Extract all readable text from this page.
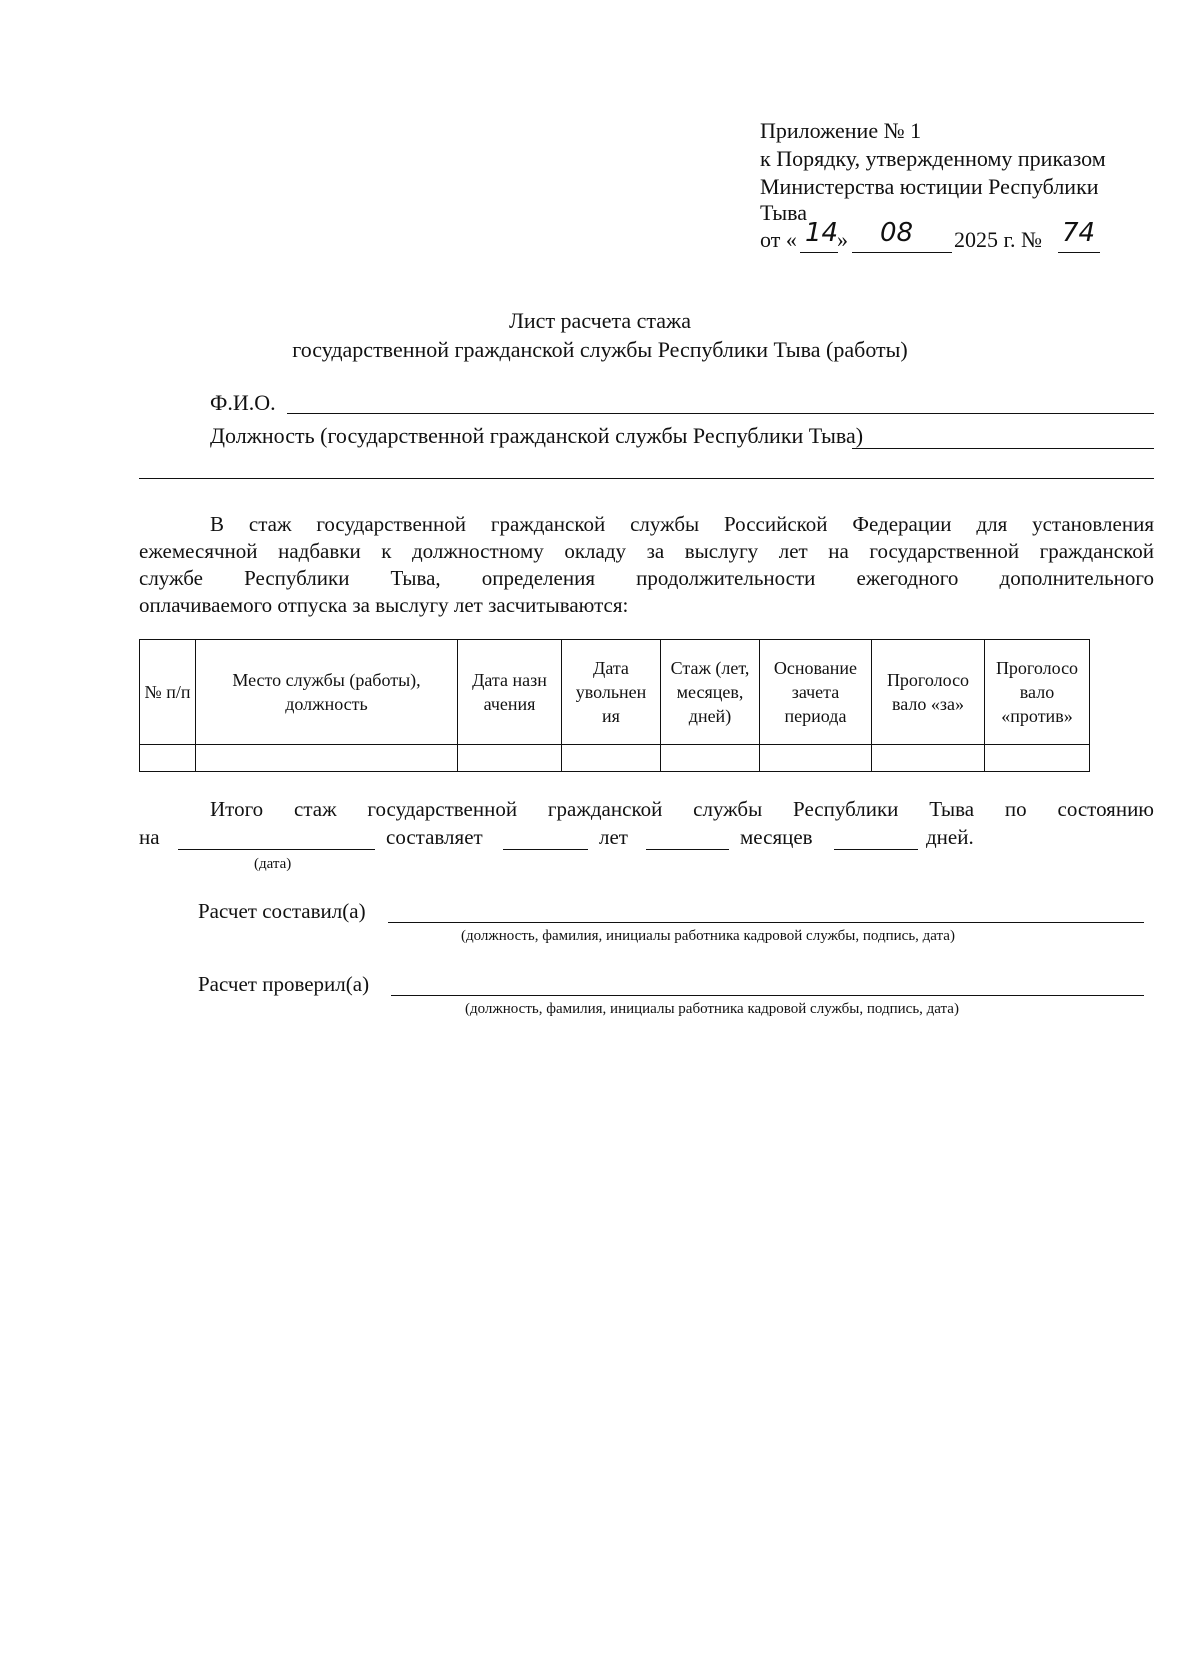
Приложение № 1
к Порядку, утвержденному приказом
Министерства юстиции Республики
Тыва
от « 14
» 08 2025 г. № 74
Лист расчета стажа
государственной гражданской службы Республики Тыва (работы)
Ф.И.О.
Должность (государственной гражданской службы Республики Тыва)
В стаж государственной гражданской службы Российской Федерации для установления
ежемесячной надбавки к должностному окладу за выслугу лет на государственной гражданской
службе Республики Тыва, определения продолжительности ежегодного дополнительного
оплачиваемого отпуска за выслугу лет засчитываются:
№ п/п	Место службы (работы), должность	Дата назн ачения	Дата увольнен ия	Стаж (лет, месяцев, дней)	Основание зачета периода	Проголосо вало «за»	Проголосо вало «против»

Итого стаж государственной гражданской службы Республики Тыва по состоянию
на	составляет	лет	месяцев	дней.
(дата)
Расчет составил(а)
(должность, фамилия, инициалы работника кадровой службы, подпись, дата)
Расчет проверил(а)
(должность, фамилия, инициалы работника кадровой службы, подпись, дата)
